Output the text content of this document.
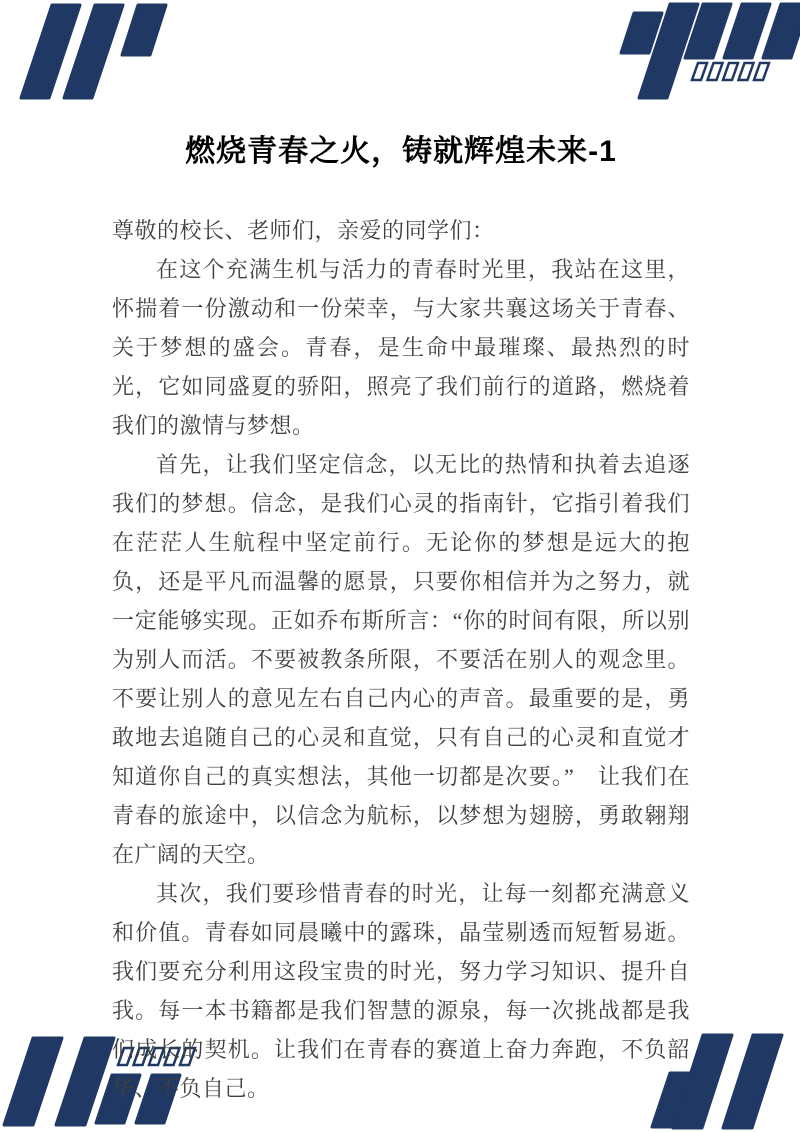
燃烧青春之火，铸就辉煌未来-1

尊敬的校长、老师们，亲爱的同学们：

在这个充满生机与活力的青春时光里，我站在这里，怀揣着一份激动和一份荣幸，与大家共襄这场关于青春、关于梦想的盛会。青春，是生命中最璀璨、最热烈的时光，它如同盛夏的骄阳，照亮了我们前行的道路，燃烧着我们的激情与梦想。

首先，让我们坚定信念，以无比的热情和执着去追逐我们的梦想。信念，是我们心灵的指南针，它指引着我们在茫茫人生航程中坚定前行。无论你的梦想是远大的抱负，还是平凡而温馨的愿景，只要你相信并为之努力，就一定能够实现。正如乔布斯所言：“你的时间有限，所以别为别人而活。不要被教条所限，不要活在别人的观念里。不要让别人的意见左右自己内心的声音。最重要的是，勇敢地去追随自己的心灵和直觉，只有自己的心灵和直觉才知道你自己的真实想法，其他一切都是次要。”　让我们在青春的旅途中，以信念为航标，以梦想为翅膀，勇敢翱翔在广阔的天空。

其次，我们要珍惜青春的时光，让每一刻都充满意义和价值。青春如同晨曦中的露珠，晶莹剔透而短暂易逝。我们要充分利用这段宝贵的时光，努力学习知识、提升自我。每一本书籍都是我们智慧的源泉，每一次挑战都是我们成长的契机。让我们在青春的赛道上奋力奔跑，不负韶华、不负自己。
